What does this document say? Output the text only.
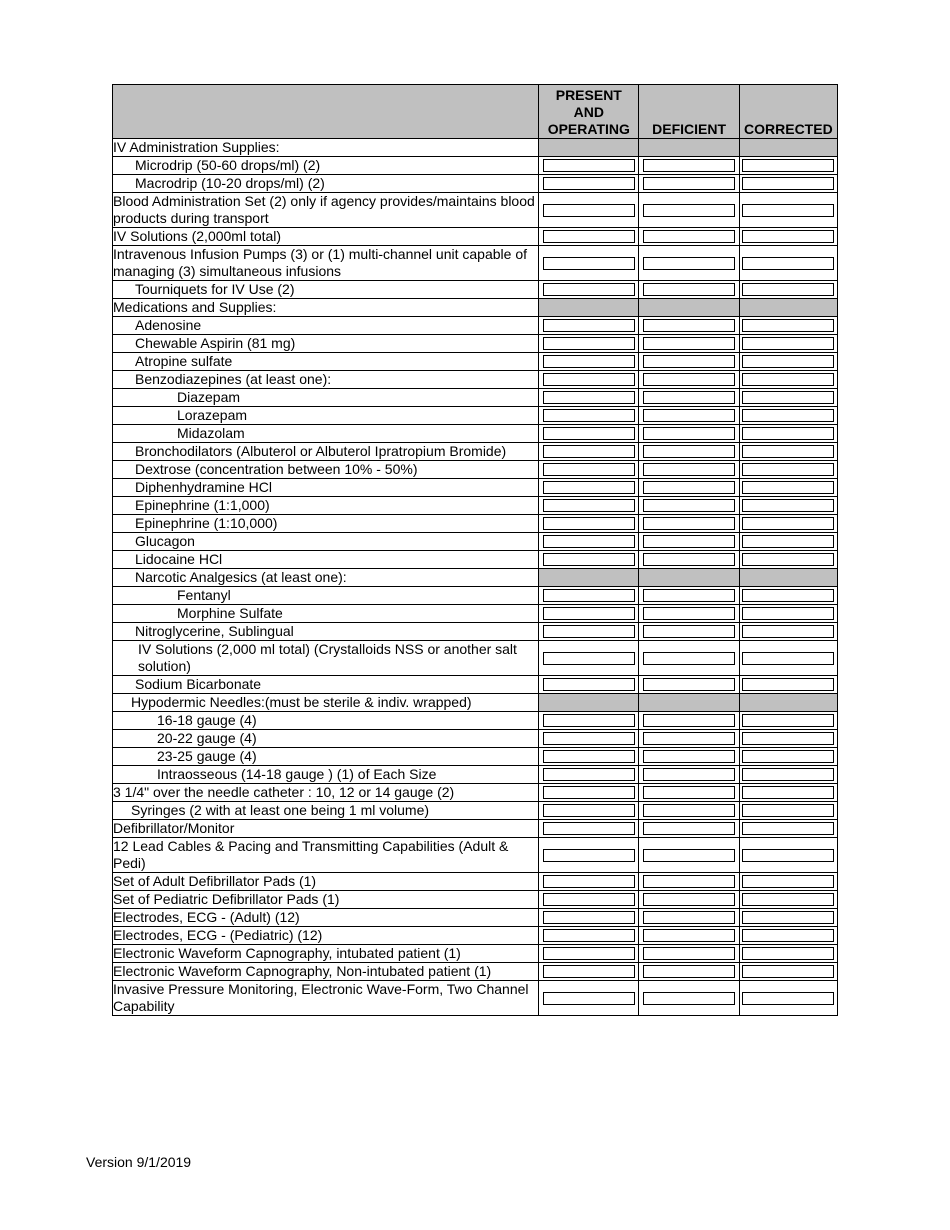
	PRESENT
AND
OPERATING	DEFICIENT	CORRECTED
IV Administration Supplies:			
Microdrip (50-60 drops/ml) (2)	

Macrodrip (10-20 drops/ml) (2)	

Blood Administration Set (2) only if agency provides/maintains blood products during transport	

IV Solutions (2,000ml total)	

Intravenous Infusion Pumps (3) or (1) multi-channel unit capable of managing (3) simultaneous infusions	

Tourniquets for IV Use (2)	

Medications and Supplies:			
Adenosine	

Chewable Aspirin (81 mg)	

Atropine sulfate	

Benzodiazepines (at least one):	

Diazepam	

Lorazepam	

Midazolam	

Bronchodilators (Albuterol or Albuterol Ipratropium Bromide)	

Dextrose (concentration between 10% - 50%)	

Diphenhydramine HCl	

Epinephrine (1:1,000)	

Epinephrine (1:10,000)	

Glucagon	

Lidocaine HCl	

Narcotic Analgesics (at least one):			
Fentanyl	

Morphine Sulfate	

Nitroglycerine, Sublingual	

IV Solutions (2,000 ml total) (Crystalloids NSS or another salt solution)	

Sodium Bicarbonate	

Hypodermic Needles:(must be sterile & indiv. wrapped)			
16-18 gauge (4)	

20-22 gauge (4)	

23-25 gauge (4)	

Intraosseous (14-18 gauge ) (1) of Each Size	

3 1/4" over the needle catheter : 10, 12 or 14 gauge (2)	

Syringes (2 with at least one being 1 ml volume)	

Defibrillator/Monitor	

12 Lead Cables & Pacing and Transmitting Capabilities (Adult & Pedi)	

Set of Adult Defibrillator Pads (1)	

Set of Pediatric Defibrillator Pads (1)	

Electrodes, ECG - (Adult) (12)	

Electrodes, ECG - (Pediatric) (12)	

Electronic Waveform Capnography, intubated patient (1)	

Electronic Waveform Capnography, Non-intubated patient (1)	

Invasive Pressure Monitoring, Electronic Wave-Form, Two Channel Capability	

Version 9/1/2019
